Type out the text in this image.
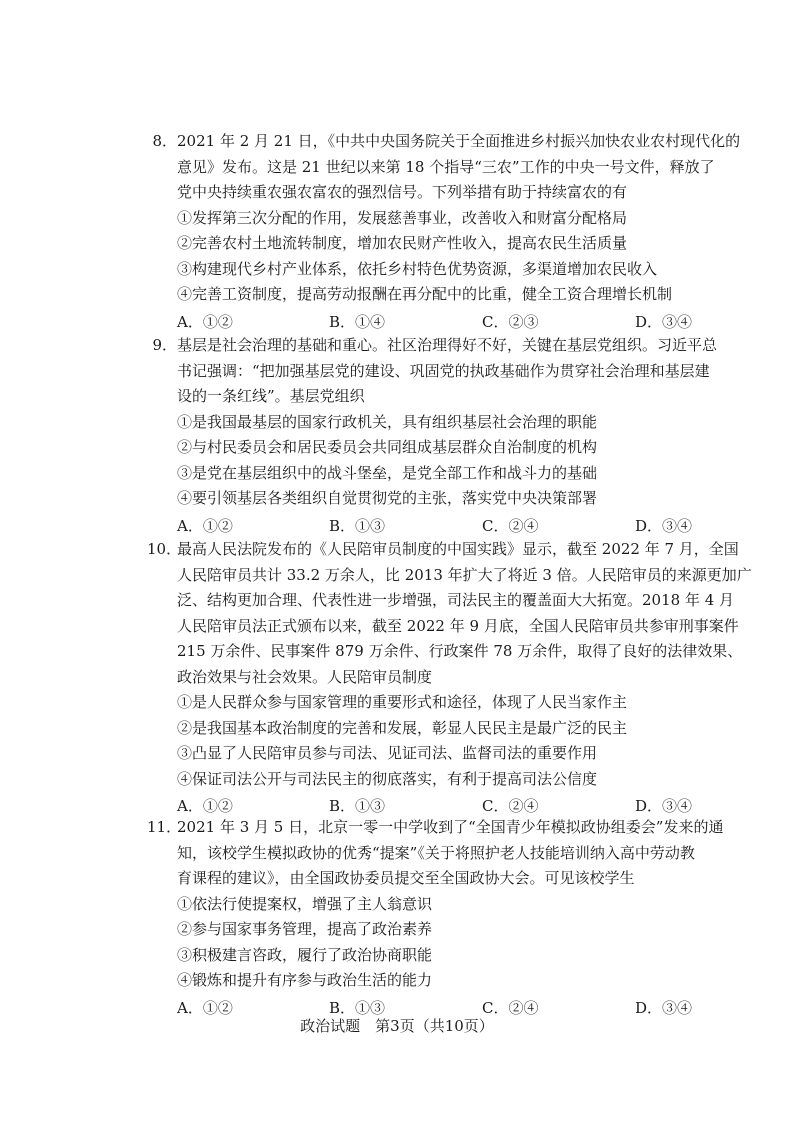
8． 2021 年 2 月 21 日，《中共中央国务院关于全面推进乡村振兴加快农业农村现代化的
意见》发布。这是 21 世纪以来第 18 个指导“三农”工作的中央一号文件，释放了
党中央持续重农强农富农的强烈信号。下列举措有助于持续富农的有
①发挥第三次分配的作用，发展慈善事业，改善收入和财富分配格局
②完善农村土地流转制度，增加农民财产性收入，提高农民生活质量
③构建现代乡村产业体系，依托乡村特色优势资源，多渠道增加农民收入
④完善工资制度，提高劳动报酬在再分配中的比重，健全工资合理增长机制
A．①②	B．①④	C．②③	D．③④
9． 基层是社会治理的基础和重心。社区治理得好不好，关键在基层党组织。习近平总
书记强调：“把加强基层党的建设、巩固党的执政基础作为贯穿社会治理和基层建
设的一条红线”。基层党组织
①是我国最基层的国家行政机关，具有组织基层社会治理的职能
②与村民委员会和居民委员会共同组成基层群众自治制度的机构
③是党在基层组织中的战斗堡垒，是党全部工作和战斗力的基础
④要引领基层各类组织自觉贯彻党的主张，落实党中央决策部署
A．①②	B．①③	C．②④	D．③④
10．
最高人民法院发布的《人民陪审员制度的中国实践》显示，截至 2022 年 7 月，全国
人民陪审员共计 33.2 万余人，比 2013 年扩大了将近 3 倍。人民陪审员的来源更加广
泛、结构更加合理、代表性进一步增强，司法民主的覆盖面大大拓宽。2018 年 4 月
人民陪审员法正式颁布以来，截至 2022 年 9 月底，全国人民陪审员共参审刑事案件
215 万余件、民事案件 879 万余件、行政案件 78 万余件，取得了良好的法律效果、
政治效果与社会效果。人民陪审员制度
①是人民群众参与国家管理的重要形式和途径，体现了人民当家作主
②是我国基本政治制度的完善和发展，彰显人民民主是最广泛的民主
③凸显了人民陪审员参与司法、见证司法、监督司法的重要作用
④保证司法公开与司法民主的彻底落实，有利于提高司法公信度
A．①②	B．①③	C．②④	D．③④
11．
2021 年 3 月 5 日，北京一零一中学收到了“全国青少年模拟政协组委会”发来的通
知，该校学生模拟政协的优秀“提案”《关于将照护老人技能培训纳入高中劳动教
育课程的建议》，由全国政协委员提交至全国政协大会。可见该校学生
①依法行使提案权，增强了主人翁意识
②参与国家事务管理，提高了政治素养
③积极建言咨政，履行了政治协商职能
④锻炼和提升有序参与政治生活的能力
A．①②	B．①③	C．②④	D．③④
政治试题　第3页（共10页）
